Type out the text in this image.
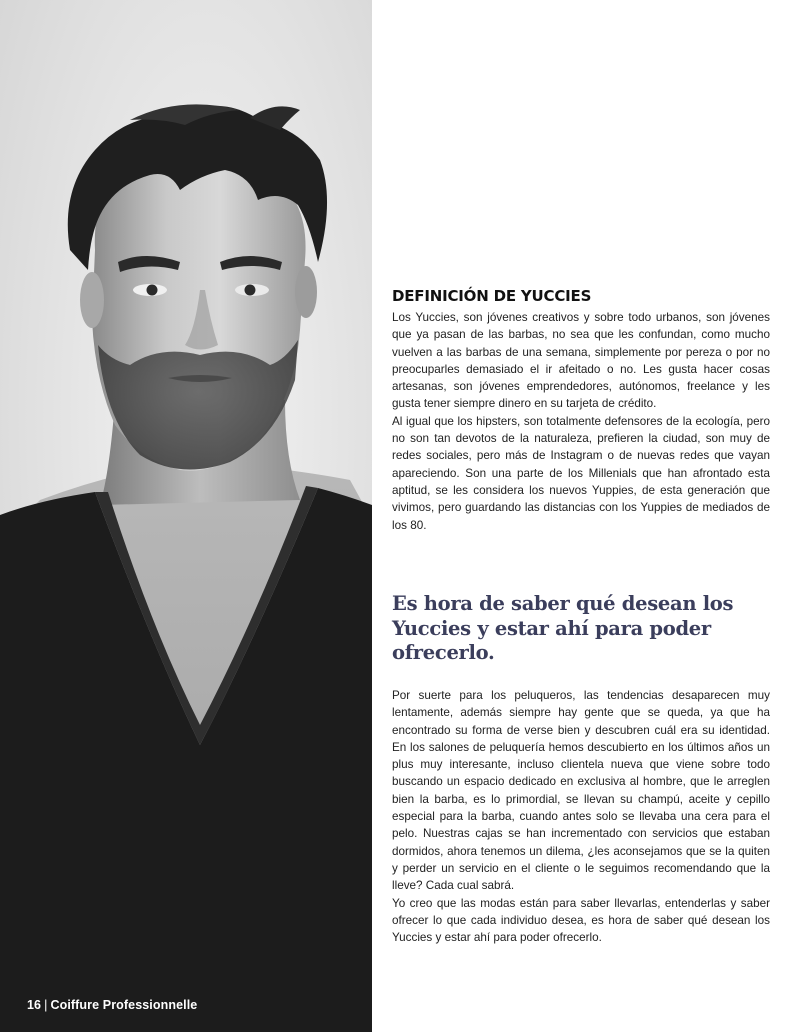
16 | Coiffure Professionnelle
DEFINICIÓN DE YUCCIES

Los Yuccies, son jóvenes creativos y sobre todo urbanos, son jóvenes que ya pasan de las barbas, no sea que les confundan, como mucho vuelven a las barbas de una semana, simplemente por pereza o por no preocuparles demasiado el ir afeitado o no. Les gusta hacer cosas artesanas, son jóvenes emprendedores, autónomos, freelance y les gusta tener siempre dinero en su tarjeta de crédito.

Al igual que los hipsters, son totalmente defensores de la ecología, pero no son tan devotos de la naturaleza, prefieren la ciudad, son muy de redes sociales, pero más de Instagram o de nuevas redes que vayan apareciendo. Son una parte de los Millenials que han afrontado esta aptitud, se les considera los nuevos Yuppies, de esta generación que vivimos, pero guardando las distancias con los Yuppies de mediados de los 80.

Es hora de saber qué desean los Yuccies y estar ahí para poder ofrecerlo.

Por suerte para los peluqueros, las tendencias desaparecen muy lentamente, además siempre hay gente que se queda, ya que ha encontrado su forma de verse bien y descubren cuál era su identidad. En los salones de peluquería hemos descubierto en los últimos años un plus muy interesante, incluso clientela nueva que viene sobre todo buscando un espacio dedicado en exclusiva al hombre, que le arreglen bien la barba, es lo primordial, se llevan su champú, aceite y cepillo especial para la barba, cuando antes solo se llevaba una cera para el pelo. Nuestras cajas se han incrementado con servicios que estaban dormidos, ahora tenemos un dilema, ¿les aconsejamos que se la quiten y perder un servicio en el cliente o le seguimos recomendando que la lleve? Cada cual sabrá.

Yo creo que las modas están para saber llevarlas, entenderlas y saber ofrecer lo que cada individuo desea, es hora de saber qué desean los Yuccies y estar ahí para poder ofrecerlo.
